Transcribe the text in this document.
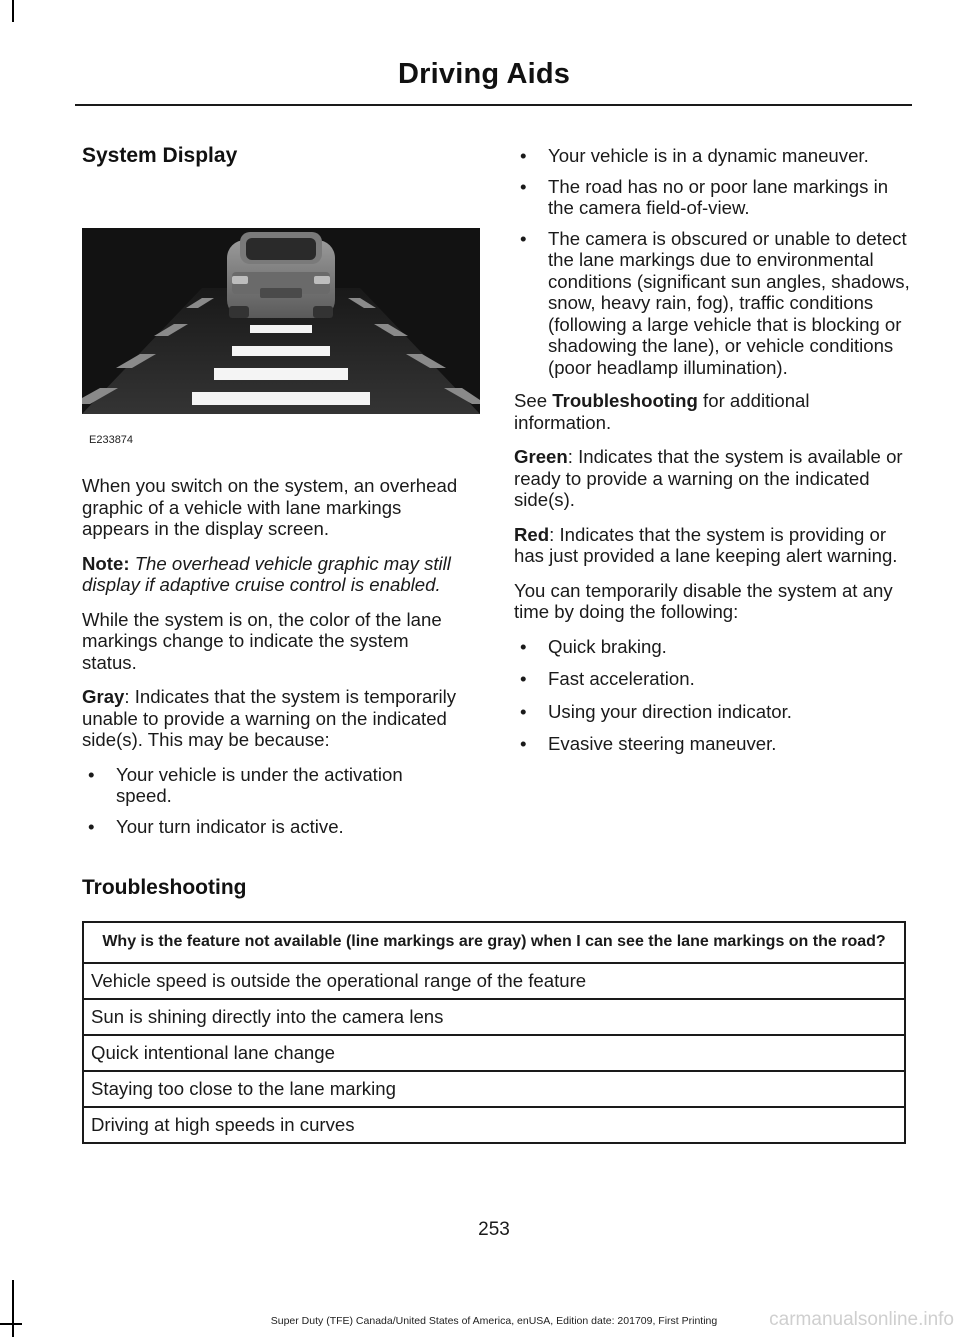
Driving Aids
System Display
E233874

When you switch on the system, an overhead graphic of a vehicle with lane markings appears in the display screen.

Note: The overhead vehicle graphic may still display if adaptive cruise control is enabled.

While the system is on, the color of the lane markings change to indicate the system status.

Gray: Indicates that the system is temporarily unable to provide a warning on the indicated side(s). This may be because:

• Your vehicle is under the activation speed.
• Your turn indicator is active.
• Your vehicle is in a dynamic maneuver.
• The road has no or poor lane markings in the camera field-of-view.
• The camera is obscured or unable to detect the lane markings due to environmental conditions (significant sun angles, shadows, snow, heavy rain, fog), traffic conditions (following a large vehicle that is blocking or shadowing the lane), or vehicle conditions (poor headlamp illumination).

See Troubleshooting for additional information.

Green: Indicates that the system is available or ready to provide a warning on the indicated side(s).

Red: Indicates that the system is providing or has just provided a lane keeping alert warning.

You can temporarily disable the system at any time by doing the following:

• Quick braking.
• Fast acceleration.
• Using your direction indicator.
• Evasive steering maneuver.
Troubleshooting
Why is the feature not available (line markings are gray) when I can see the lane markings on the road?
Vehicle speed is outside the operational range of the feature
Sun is shining directly into the camera lens
Quick intentional lane change
Staying too close to the lane marking
Driving at high speeds in curves
253
Super Duty (TFE) Canada/United States of America, enUSA, Edition date: 201709, First Printing	carmanualsonline.info
